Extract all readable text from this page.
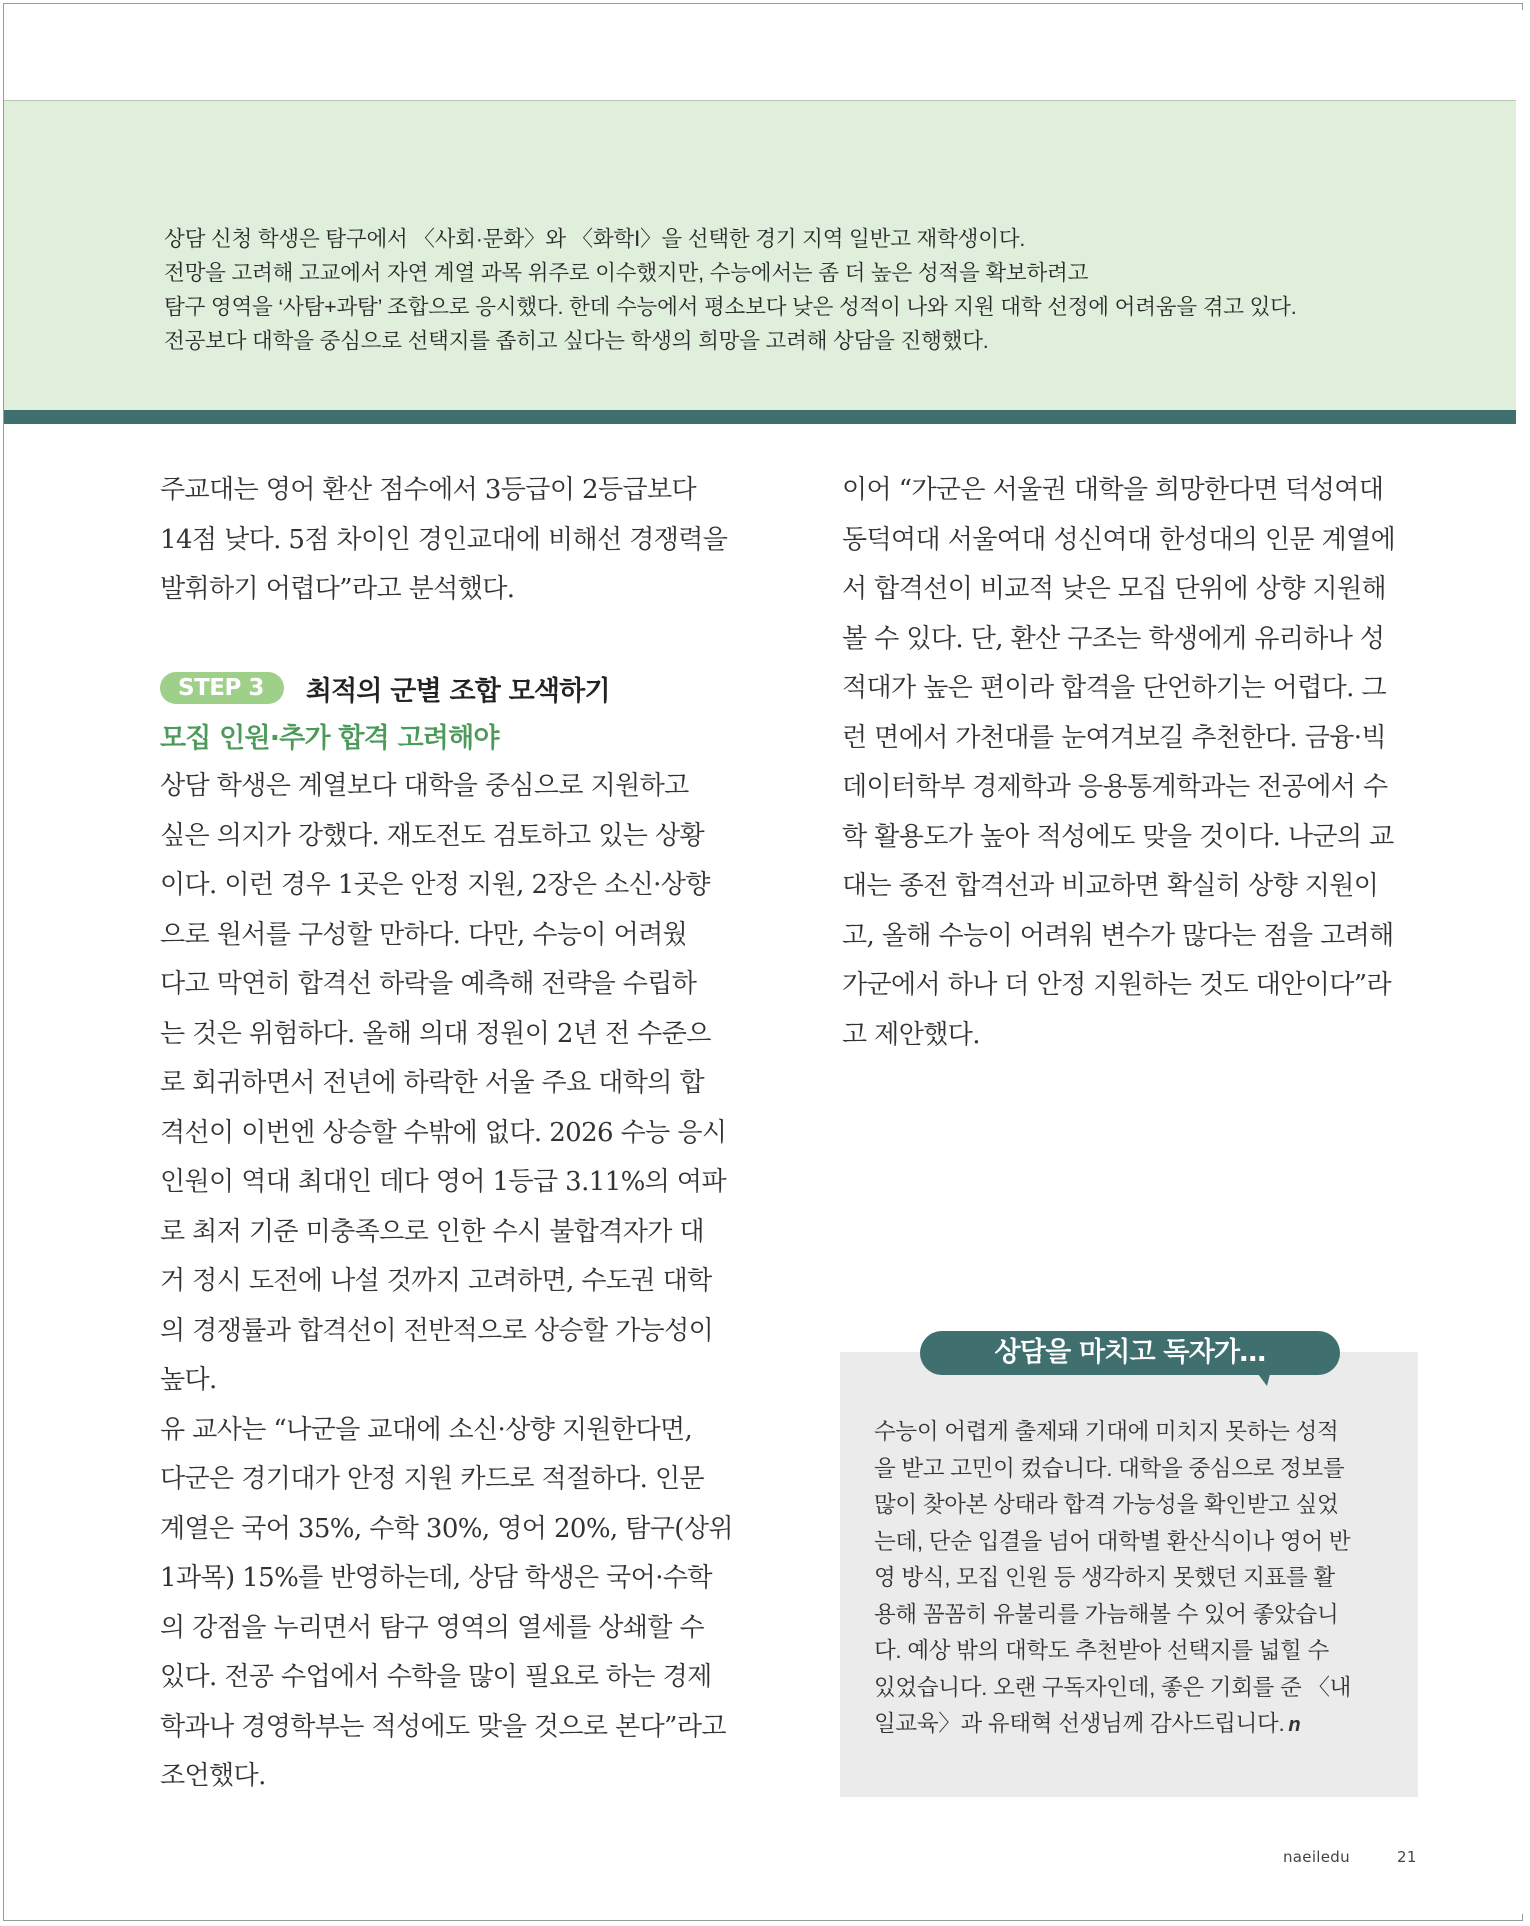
상담 신청 학생은 탐구에서 〈사회·문화〉와 〈화학Ⅰ〉을 선택한 경기 지역 일반고 재학생이다.
전망을 고려해 고교에서 자연 계열 과목 위주로 이수했지만, 수능에서는 좀 더 높은 성적을 확보하려고
탐구 영역을 ‘사탐+과탐’ 조합으로 응시했다. 한데 수능에서 평소보다 낮은 성적이 나와 지원 대학 선정에 어려움을 겪고 있다.
전공보다 대학을 중심으로 선택지를 좁히고 싶다는 학생의 희망을 고려해 상담을 진행했다.
주교대는 영어 환산 점수에서 3등급이 2등급보다
14점 낮다. 5점 차이인 경인교대에 비해선 경쟁력을
발휘하기 어렵다”라고 분석했다.
STEP 3	최적의 군별 조합 모색하기
모집 인원·추가 합격 고려해야
상담 학생은 계열보다 대학을 중심으로 지원하고
싶은 의지가 강했다. 재도전도 검토하고 있는 상황
이다. 이런 경우 1곳은 안정 지원, 2장은 소신·상향
으로 원서를 구성할 만하다. 다만, 수능이 어려웠
다고 막연히 합격선 하락을 예측해 전략을 수립하
는 것은 위험하다. 올해 의대 정원이 2년 전 수준으
로 회귀하면서 전년에 하락한 서울 주요 대학의 합
격선이 이번엔 상승할 수밖에 없다. 2026 수능 응시
인원이 역대 최대인 데다 영어 1등급 3.11%의 여파
로 최저 기준 미충족으로 인한 수시 불합격자가 대
거 정시 도전에 나설 것까지 고려하면, 수도권 대학
의 경쟁률과 합격선이 전반적으로 상승할 가능성이
높다.
유 교사는 “나군을 교대에 소신·상향 지원한다면,
다군은 경기대가 안정 지원 카드로 적절하다. 인문
계열은 국어 35%, 수학 30%, 영어 20%, 탐구(상위
1과목) 15%를 반영하는데, 상담 학생은 국어·수학
의 강점을 누리면서 탐구 영역의 열세를 상쇄할 수
있다. 전공 수업에서 수학을 많이 필요로 하는 경제
학과나 경영학부는 적성에도 맞을 것으로 본다”라고
조언했다.
이어 “가군은 서울권 대학을 희망한다면 덕성여대
동덕여대 서울여대 성신여대 한성대의 인문 계열에
서 합격선이 비교적 낮은 모집 단위에 상향 지원해
볼 수 있다. 단, 환산 구조는 학생에게 유리하나 성
적대가 높은 편이라 합격을 단언하기는 어렵다. 그
런 면에서 가천대를 눈여겨보길 추천한다. 금융·빅
데이터학부 경제학과 응용통계학과는 전공에서 수
학 활용도가 높아 적성에도 맞을 것이다. 나군의 교
대는 종전 합격선과 비교하면 확실히 상향 지원이
고, 올해 수능이 어려워 변수가 많다는 점을 고려해
가군에서 하나 더 안정 지원하는 것도 대안이다”라
고 제안했다.
상담을 마치고 독자가…
수능이 어렵게 출제돼 기대에 미치지 못하는 성적
을 받고 고민이 컸습니다. 대학을 중심으로 정보를
많이 찾아본 상태라 합격 가능성을 확인받고 싶었
는데, 단순 입결을 넘어 대학별 환산식이나 영어 반
영 방식, 모집 인원 등 생각하지 못했던 지표를 활
용해 꼼꼼히 유불리를 가늠해볼 수 있어 좋았습니
다. 예상 밖의 대학도 추천받아 선택지를 넓힐 수
있었습니다. 오랜 구독자인데, 좋은 기회를 준 〈내
일교육〉과 유태혁 선생님께 감사드립니다. n
naeiledu	21
